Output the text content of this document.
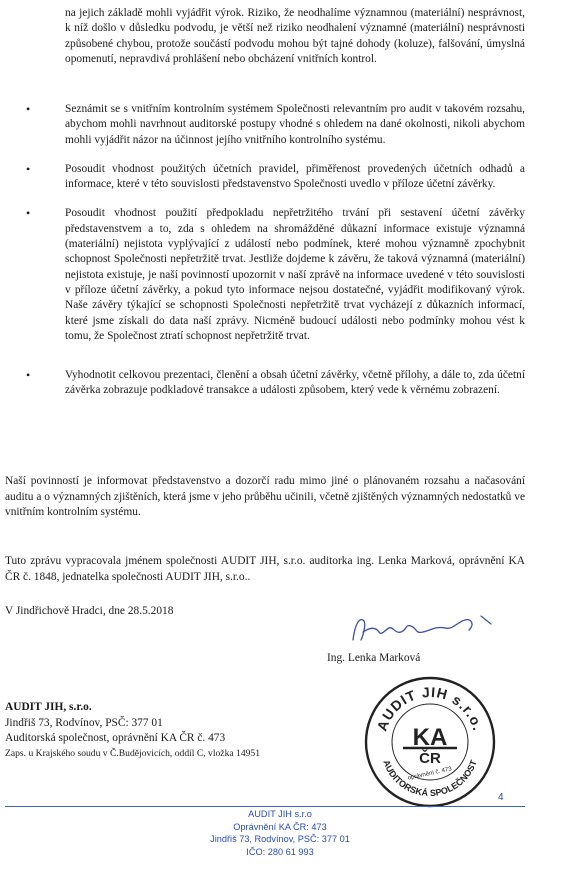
na jejich základě mohli vyjádřit výrok. Riziko, že neodhalíme významnou (materiální) nesprávnost, k níž došlo v důsledku podvodu, je větší než riziko neodhalení významné (materiální) nesprávnosti způsobené chybou, protože součástí podvodu mohou být tajné dohody (koluze), falšování, úmyslná opomenutí, nepravdivá prohlášení nebo obcházení vnitřních kontrol.
• Seznámit se s vnitřním kontrolním systémem Společnosti relevantním pro audit v takovém rozsahu, abychom mohli navrhnout auditorské postupy vhodné s ohledem na dané okolnosti, nikoli abychom mohli vyjádřit názor na účinnost jejího vnitřního kontrolního systému.
• Posoudit vhodnost použitých účetních pravidel, přiměřenost provedených účetních odhadů a informace, které v této souvislosti představenstvo Společnosti uvedlo v příloze účetní závěrky.
• Posoudit vhodnost použití předpokladu nepřetržitého trvání při sestavení účetní závěrky představenstvem a to, zda s ohledem na shromážděné důkazní informace existuje významná (materiální) nejistota vyplývající z událostí nebo podmínek, které mohou významně zpochybnit schopnost Společnosti nepřetržitě trvat. Jestliže dojdeme k závěru, že taková významná (materiální) nejistota existuje, je naší povinností upozornit v naší zprávě na informace uvedené v této souvislosti v příloze účetní závěrky, a pokud tyto informace nejsou dostatečné, vyjádřit modifikovaný výrok. Naše závěry týkající se schopnosti Společnosti nepřetržitě trvat vycházejí z důkazních informací, které jsme získali do data naší zprávy. Nicméně budoucí události nebo podmínky mohou vést k tomu, že Společnost ztratí schopnost nepřetržitě trvat.
• Vyhodnotit celkovou prezentaci, členění a obsah účetní závěrky, včetně přílohy, a dále to, zda účetní závěrka zobrazuje podkladové transakce a události způsobem, který vede k věrnému zobrazení.
Naší povinností je informovat představenstvo a dozorčí radu mimo jiné o plánovaném rozsahu a načasování auditu a o významných zjištěních, která jsme v jeho průběhu učinili, včetně zjištěných významných nedostatků ve vnitřním kontrolním systému.
Tuto zprávu vypracovala jménem společnosti AUDIT JIH, s.r.o. auditorka ing. Lenka Marková, oprávnění KA ČR č. 1848, jednatelka společnosti AUDIT JIH, s.r.o..
V Jindřichově Hradci, dne 28.5.2018
Ing. Lenka Marková
AUDIT JIH, s.r.o.
Jindřiš 73, Rodvínov, PSČ: 377 01
Auditorská společnost, oprávnění KA ČR č. 473
Zaps. u Krajského soudu v Č.Budějovicích, oddíl C, vložka 14951
AUDIT JIH s.r.o.
AUDITORSKÁ SPOLEČNOST
KA
ČR
oprávnění č. 473
4
AUDIT JIH s.r.o
Oprávnění KA ČR: 473
Jindřiš 73, Rodvínov, PSČ: 377 01
IČO: 280 61 993
